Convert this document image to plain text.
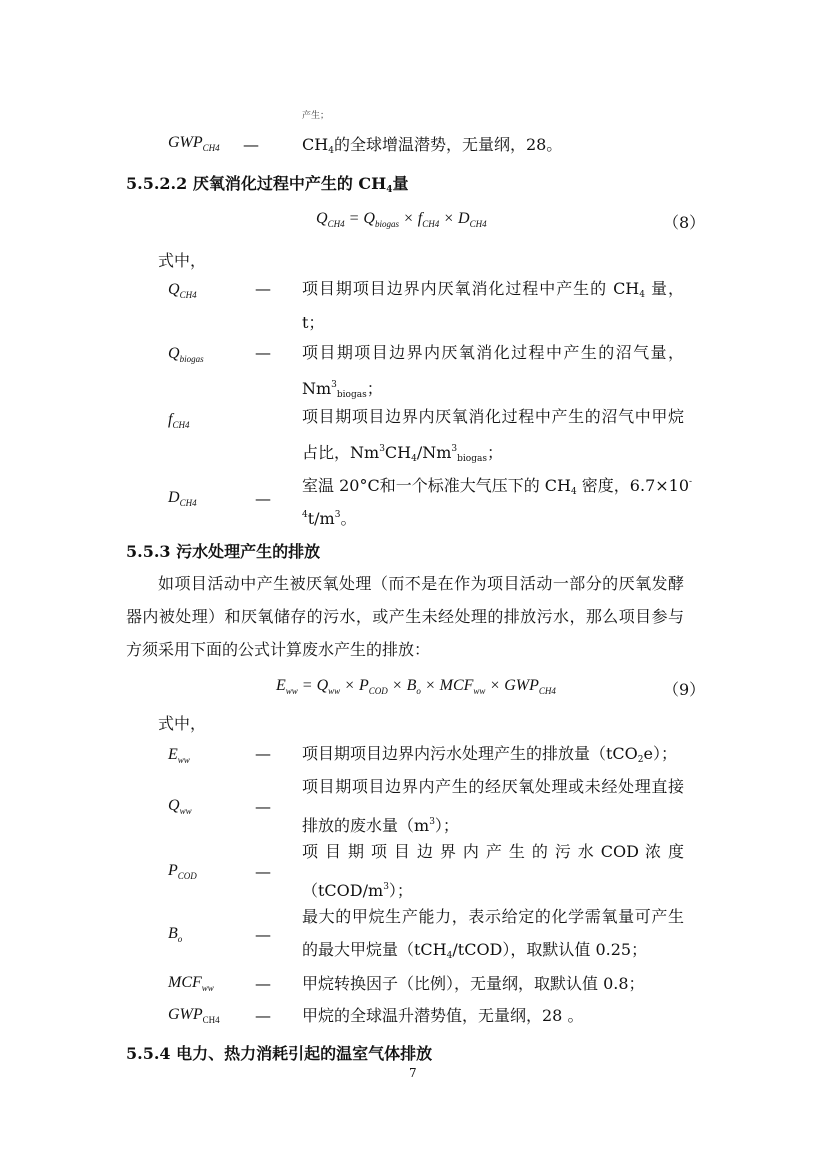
产生；
$GWP_{CH4}$ —	$CH_4$的全球增温潜势，无量纲，28。
5.5.2.2 厌氧消化过程中产生的 $CH_4$量
$Q_{CH4} = Q_{biogas} \times f_{CH4} \times D_{CH4}$	（8）
式中，
$Q_{CH4}$	— 项目期项目边界内厌氧消化过程中产生的 $CH_4$ 量，
t；
$Q_{biogas}$	— 项目期项目边界内厌氧消化过程中产生的沼气量，
$Nm^3_{biogas}$；
$f_{CH4}$	项目期项目边界内厌氧消化过程中产生的沼气中甲烷
占比，$Nm^3CH_4/Nm^3_{biogas}$；
$D_{CH4}$	—
室温 20°C和一个标准大气压下的 $CH_4$ 密度，6.7×10-
$^4t/m^3$。
5.5.3 污水处理产生的排放
如项目活动中产生被厌氧处理（而不是在作为项目活动一部分的厌氧发酵
器内被处理）和厌氧储存的污水，或产生未经处理的排放污水，那么项目参与
方须采用下面的公式计算废水产生的排放：
$E_{ww} = Q_{ww} \times P_{COD} \times B_o \times MCF_{ww} \times GWP_{CH4}$	（9）
式中，
$E_{ww}$	— 项目期项目边界内污水处理产生的排放量（tCO$_2$e）；
$Q_{ww}$	—
项目期项目边界内产生的经厌氧处理或未经处理直接
排放的废水量$(m^3)$；
$P_{COD}$	—
项 目 期 项 目 边 界 内 产 生 的 污 水 COD 浓 度
$(tCOD/m^3)$；
$B_o$	—
最大的甲烷生产能力，表示给定的化学需氧量可产生
的最大甲烷量（tCH$_4$/tCOD），取默认值 0.25；
$MCF_{ww}$	— 甲烷转换因子（比例），无量纲，取默认值 0.8；
$GWP_{CH4}$ — 甲烷的全球温升潜势值，无量纲，28 。
5.5.4 电力、热力消耗引起的温室气体排放
7
